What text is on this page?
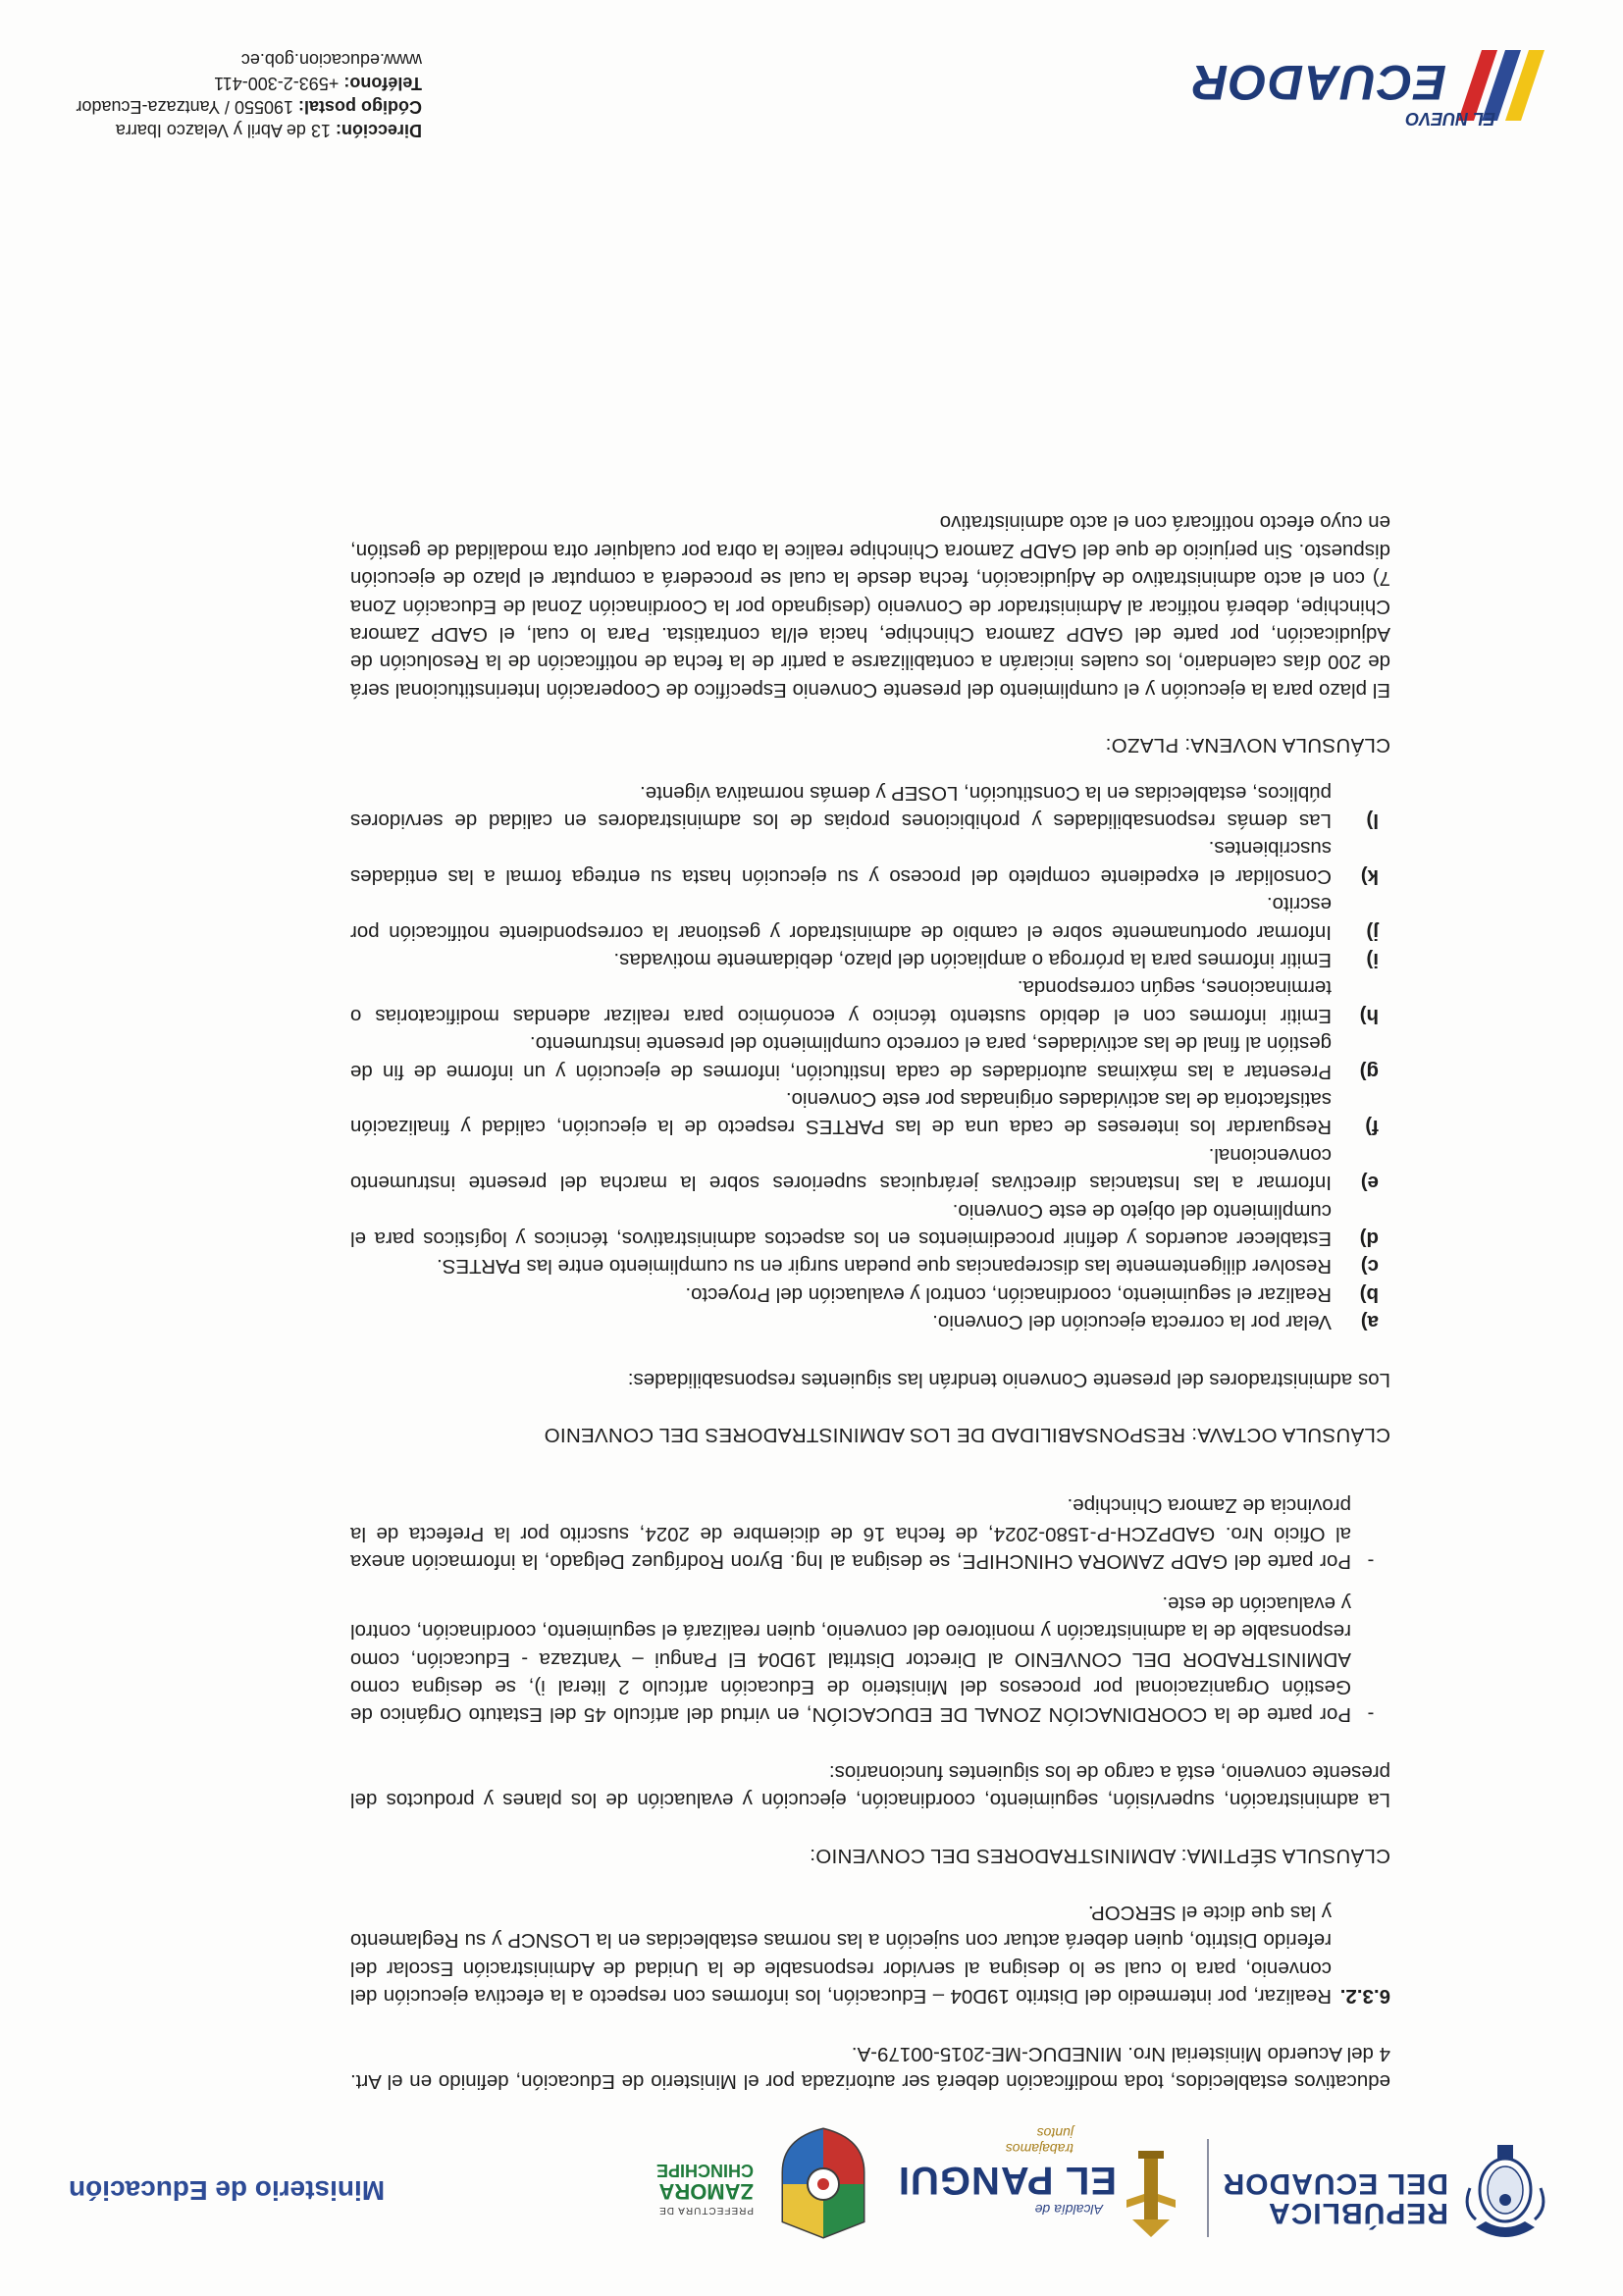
REPÚBLICA
DEL ECUADOR
Alcaldía de
EL PANGUI
trabajamos juntos
PREFECTURA DE
ZAMORA
CHINCHIPE
Ministerio de Educación

educativos establecidos, toda modificación deberá ser autorizada por el Ministerio de Educación, definido en el Art. 4 del Acuerdo Ministerial Nro. MINEDUC-ME-2015-00179-A.

6.3.2.

Realizar, por intermedio del Distrito 19D04 – Educación, los informes con respecto a la efectiva ejecución del convenio, para lo cual se lo designa al servidor responsable de la Unidad de Administración Escolar del referido Distrito, quien deberá actuar con sujeción a las normas establecidas en la LOSNCP y su Reglamento y las que dicte el SERCOP.

CLÁUSULA SÉPTIMA: ADMINISTRADORES DEL CONVENIO:

La administración, supervisión, seguimiento, coordinación, ejecución y evaluación de los planes y productos del presente convenio, está a cargo de los siguientes funcionarios:

-

Por parte de la COORDINACIÓN ZONAL DE EDUCACIÓN, en virtud del artículo 45 del Estatuto Orgánico de Gestión Organizacional por procesos del Ministerio de Educación artículo 2 literal i), se designa como ADMINISTRADOR DEL CONVENIO al Director Distrital 19D04 El Pangui – Yantzaza - Educación, como responsable de la administración y monitoreo del convenio, quien realizará el seguimiento, coordinación, control y evaluación de este.

-

Por parte del GADP ZAMORA CHINCHIPE, se designa al Ing. Byron Rodríguez Delgado, la información anexa al Oficio Nro. GADPZCH-P-1580-2024, de fecha 16 de diciembre de 2024, suscrito por la Prefecta de la provincia de Zamora Chinchipe.

CLÁUSULA OCTAVA: RESPONSABILIDAD DE LOS ADMINISTRADORES DEL CONVENIO

Los administradores del presente Convenio tendrán las siguientes responsabilidades:

a)

Velar por la correcta ejecución del Convenio.

b)

Realizar el seguimiento, coordinación, control y evaluación del Proyecto.

c)

Resolver diligentemente las discrepancias que puedan surgir en su cumplimiento entre las PARTES.

d)

Establecer acuerdos y definir procedimientos en los aspectos administrativos, técnicos y logísticos para el cumplimiento del objeto de este Convenio.

e)

Informar a las Instancias directivas jerárquicas superiores sobre la marcha del presente instrumento convencional.

f)

Resguardar los intereses de cada una de las PARTES respecto de la ejecución, calidad y finalización satisfactoria de las actividades originadas por este Convenio.

g)

Presentar a las máximas autoridades de cada Institución, informes de ejecución y un informe de fin de gestión al final de las actividades, para el correcto cumplimiento del presente instrumento.

h)

Emitir informes con el debido sustento técnico y económico para realizar adendas modificatorias o terminaciones, según corresponda.

i)

Emitir informes para la prórroga o ampliación del plazo, debidamente motivadas.

j)

Informar oportunamente sobre el cambio de administrador y gestionar la correspondiente notificación por escrito.

k)

Consolidar el expediente completo del proceso y su ejecución hasta su entrega formal a las entidades suscribientes.

l)

Las demás responsabilidades y prohibiciones propias de los administradores en calidad de servidores públicos, establecidas en la Constitución, LOSEP y demás normativa vigente.

CLÁUSULA NOVENA: PLAZO:

El plazo para la ejecución y el cumplimiento del presente Convenio Específico de Cooperación Interinstitucional será de 200 días calendario, los cuales iniciarán a contabilizarse a partir de la fecha de notificación de la Resolución de Adjudicación, por parte del GADP Zamora Chinchipe, hacia el/la contratista. Para lo cual, el GADP Zamora Chinchipe, deberá notificar al Administrador de Convenio (designado por la Coordinación Zonal de Educación Zona 7) con el acto administrativo de Adjudicación, fecha desde la cual se procederá a computar el plazo de ejecución dispuesto. Sin perjuicio de que del GADP Zamora Chinchipe realice la obra por cualquier otra modalidad de gestión, en cuyo efecto notificará con el acto administrativo

EL NUEVO
ECUADOR
Dirección: 13 de Abril y Velazco Ibarra
Código postal: 190550 / Yantzaza-Ecuador
Teléfono: +593-2-300-411
www.educacion.gob.ec
